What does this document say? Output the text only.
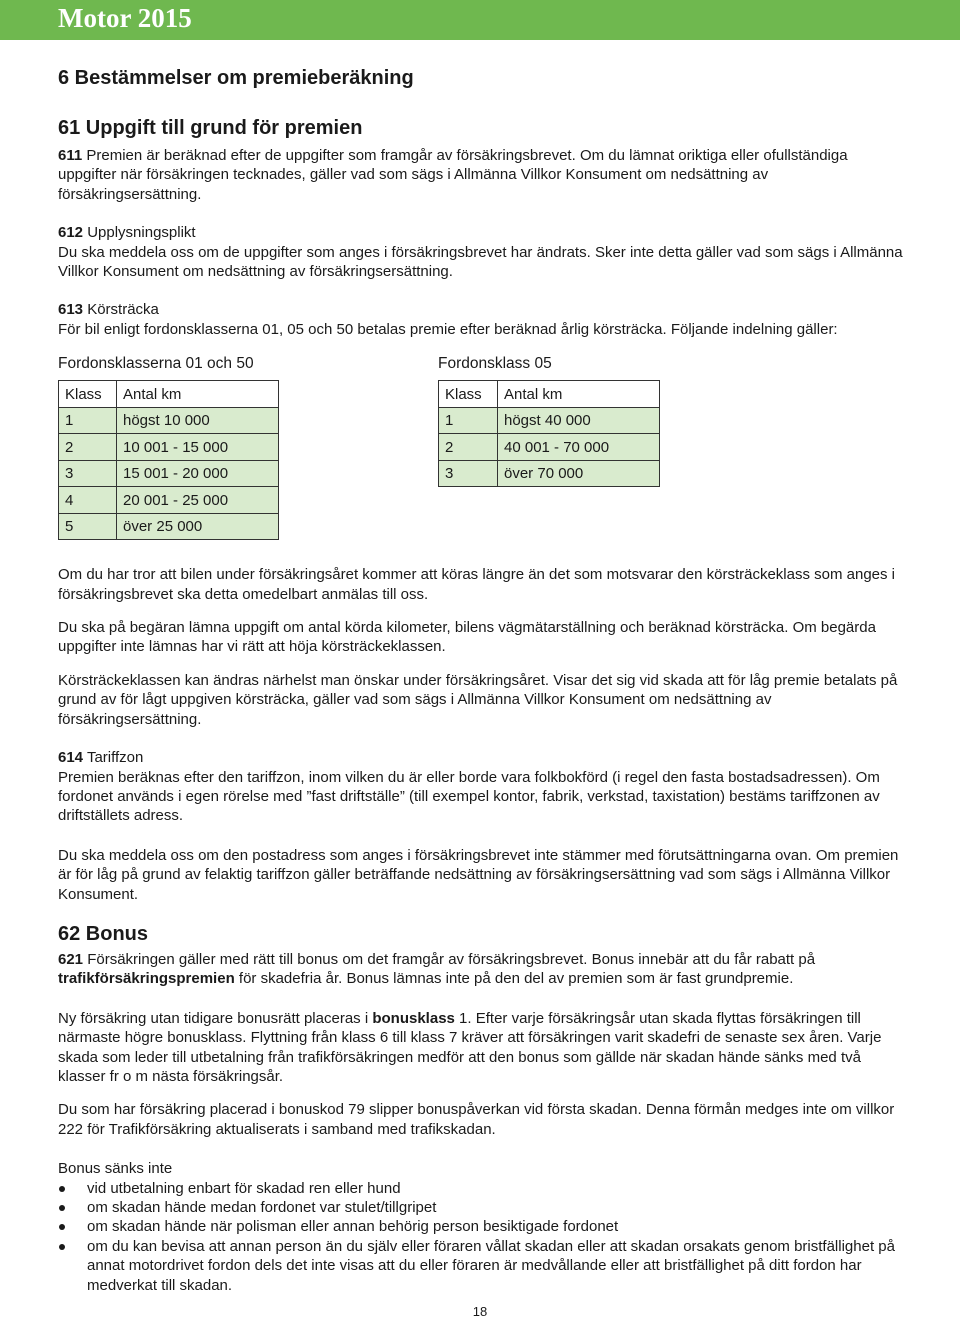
Motor 2015
6 Bestämmelser om premieberäkning
61 Uppgift till grund för premien

611 Premien är beräknad efter de uppgifter som framgår av försäkringsbrevet. Om du lämnat oriktiga eller ofullständiga uppgifter när försäkringen tecknades, gäller vad som sägs i Allmänna Villkor Konsument om nedsättning av försäkringsersättning.

612 Upplysningsplikt

Du ska meddela oss om de uppgifter som anges i försäkringsbrevet har ändrats. Sker inte detta gäller vad som sägs i Allmänna Villkor Konsument om nedsättning av försäkringsersättning.

613 Körsträcka

För bil enligt fordonsklasserna 01, 05 och 50 betalas premie efter beräknad årlig körsträcka. Följande indelning gäller:

Fordonsklasserna 01 och 50
Klass	Antal km
1	högst 10 000
2	10 001 - 15 000
3	15 001 - 20 000
4	20 001 - 25 000
5	över 25 000
Fordonsklass 05
Klass	Antal km
1	högst 40 000
2	40 001 - 70 000
3	över 70 000

Om du har tror att bilen under försäkringsåret kommer att köras längre än det som motsvarar den körsträckeklass som anges i försäkringsbrevet ska detta omedelbart anmälas till oss.

Du ska på begäran lämna uppgift om antal körda kilometer, bilens vägmätarställning och beräknad körsträcka. Om begärda uppgifter inte lämnas har vi rätt att höja körsträckeklassen.

Körsträckeklassen kan ändras närhelst man önskar under försäkringsåret. Visar det sig vid skada att för låg premie betalats på grund av för lågt uppgiven körsträcka, gäller vad som sägs i Allmänna Villkor Konsument om nedsättning av försäkringsersättning.

614 Tariffzon

Premien beräknas efter den tariffzon, inom vilken du är eller borde vara folkbokförd (i regel den fasta bostadsadressen). Om fordonet används i egen rörelse med ”fast driftställe” (till exempel kontor, fabrik, verkstad, taxistation) bestäms tariffzonen av driftställets adress.

Du ska meddela oss om den postadress som anges i försäkringsbrevet inte stämmer med förutsättningarna ovan. Om premien är för låg på grund av felaktig tariffzon gäller beträffande nedsättning av försäkringsersättning vad som sägs i Allmänna Villkor Konsument.

62 Bonus

621 Försäkringen gäller med rätt till bonus om det framgår av försäkringsbrevet. Bonus innebär att du får rabatt på trafikförsäkringspremien för skadefria år. Bonus lämnas inte på den del av premien som är fast grundpremie.

Ny försäkring utan tidigare bonusrätt placeras i bonusklass 1. Efter varje försäkringsår utan skada flyttas försäkringen till närmaste högre bonusklass. Flyttning från klass 6 till klass 7 kräver att försäkringen varit skadefri de senaste sex åren. Varje skada som leder till utbetalning från trafikförsäkringen medför att den bonus som gällde när skadan hände sänks med två klasser fr o m nästa försäkringsår.

Du som har försäkring placerad i bonuskod 79 slipper bonuspåverkan vid första skadan. Denna förmån medges inte om villkor 222 för Trafikförsäkring aktualiserats i samband med trafikskadan.

Bonus sänks inte

vid utbetalning enbart för skadad ren eller hund
om skadan hände medan fordonet var stulet/tillgripet
om skadan hände när polisman eller annan behörig person besiktigade fordonet
om du kan bevisa att annan person än du själv eller föraren vållat skadan eller att skadan orsakats genom bristfällighet på annat motordrivet fordon dels det inte visas att du eller föraren är medvållande eller att bristfällighet på ditt fordon har medverkat till skadan.
18
